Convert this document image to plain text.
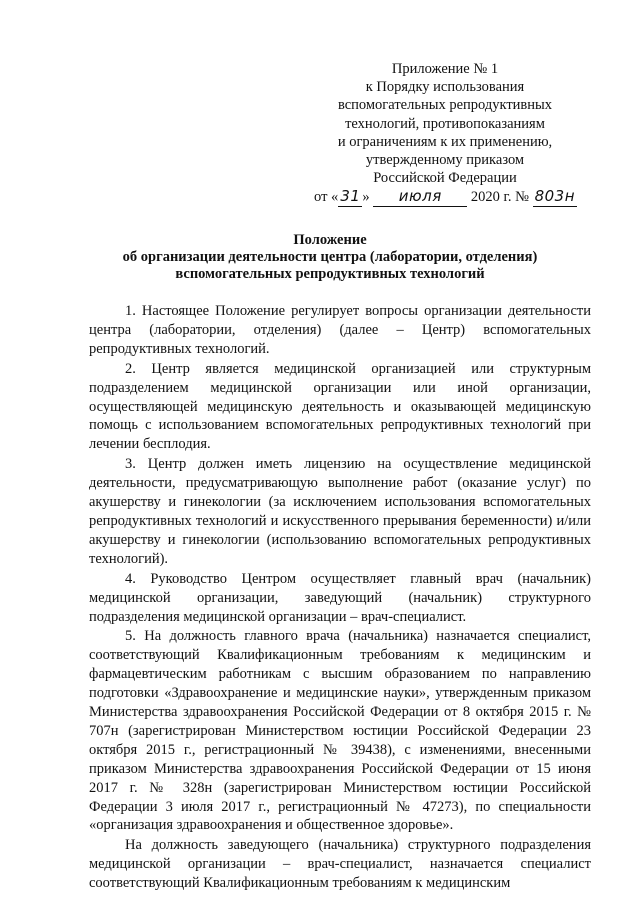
Приложение № 1
к Порядку использования
вспомогательных репродуктивных
технологий, противопоказаниям
и ограничениям к их применению,
утвержденному приказом
Российской Федерации
от « 31 » июля 2020 г. № 803н
Положение
об организации деятельности центра (лаборатории, отделения)
вспомогательных репродуктивных технологий

1. Настоящее Положение регулирует вопросы организации деятельности центра (лаборатории, отделения) (далее – Центр) вспомогательных репродуктивных технологий.

2. Центр является медицинской организацией или структурным подразделением медицинской организации или иной организации, осуществляющей медицинскую деятельность и оказывающей медицинскую помощь с использованием вспомогательных репродуктивных технологий при лечении бесплодия.

3. Центр должен иметь лицензию на осуществление медицинской деятельности, предусматривающую выполнение работ (оказание услуг) по акушерству и гинекологии (за исключением использования вспомогательных репродуктивных технологий и искусственного прерывания беременности) и/или акушерству и гинекологии (использованию вспомогательных репродуктивных технологий).

4. Руководство Центром осуществляет главный врач (начальник) медицинской организации, заведующий (начальник) структурного подразделения медицинской организации – врач-специалист.

5. На должность главного врача (начальника) назначается специалист, соответствующий Квалификационным требованиям к медицинским и фармацевтическим работникам с высшим образованием по направлению подготовки «Здравоохранение и медицинские науки», утвержденным приказом Министерства здравоохранения Российской Федерации от 8 октября 2015 г. № 707н (зарегистрирован Министерством юстиции Российской Федерации 23 октября 2015 г., регистрационный № 39438), с изменениями, внесенными приказом Министерства здравоохранения Российской Федерации от 15 июня 2017 г. № 328н (зарегистрирован Министерством юстиции Российской Федерации 3 июля 2017 г., регистрационный № 47273), по специальности «организация здравоохранения и общественное здоровье».

На должность заведующего (начальника) структурного подразделения медицинской организации – врач-специалист, назначается специалист соответствующий Квалификационным требованиям к медицинским
